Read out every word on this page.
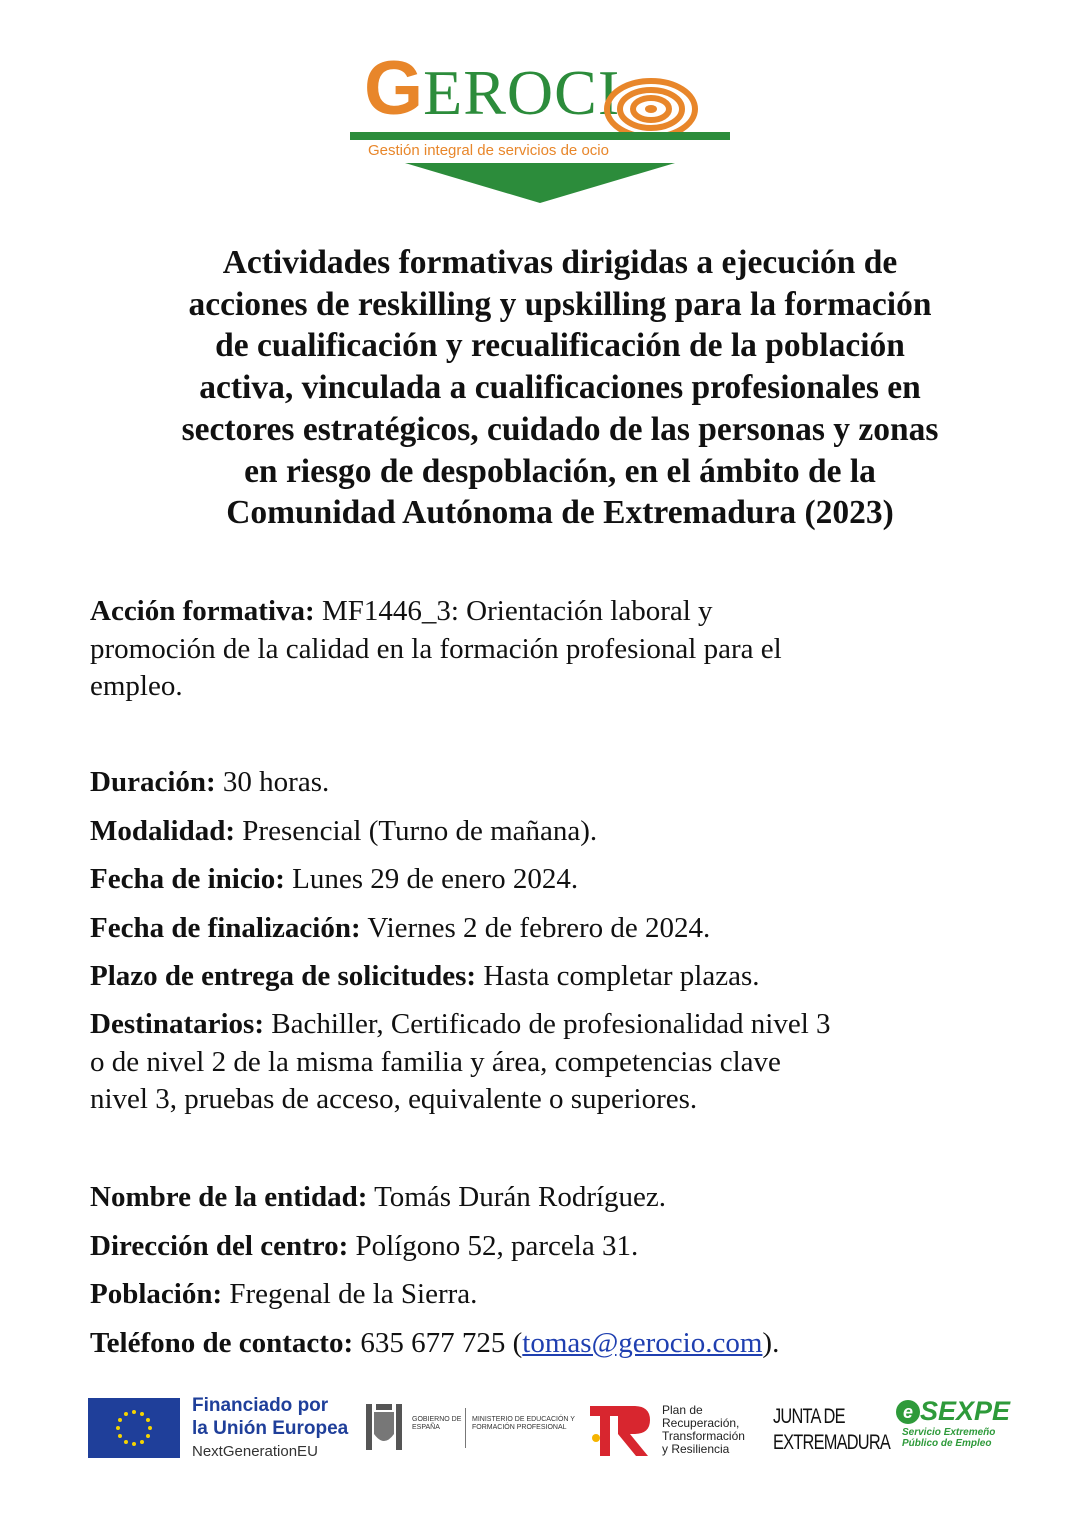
GEROCI
Gestión integral de servicios de ocio
Actividades formativas dirigidas a ejecución de
acciones de reskilling y upskilling para la formación
de cualificación y recualificación de la población
activa, vinculada a cualificaciones profesionales en
sectores estratégicos, cuidado de las personas y zonas
en riesgo de despoblación, en el ámbito de la
Comunidad Autónoma de Extremadura (2023)
Acción formativa: MF1446_3: Orientación laboral y
promoción de la calidad en la formación profesional para el
empleo.
Duración: 30 horas.
Modalidad: Presencial (Turno de mañana).
Fecha de inicio: Lunes 29 de enero 2024.
Fecha de finalización: Viernes 2 de febrero de 2024.
Plazo de entrega de solicitudes: Hasta completar plazas.
Destinatarios: Bachiller, Certificado de profesionalidad nivel 3
o de nivel 2 de la misma familia y área, competencias clave
nivel 3, pruebas de acceso, equivalente o superiores.
Nombre de la entidad: Tomás Durán Rodríguez.
Dirección del centro: Polígono 52, parcela 31.
Población: Fregenal de la Sierra.
Teléfono de contacto: 635 677 725 (tomas@gerocio.com).
Financiado por
la Unión Europea
NextGenerationEU
GOBIERNO DE ESPAÑA
MINISTERIO DE EDUCACIÓN Y FORMACIÓN PROFESIONAL
Plan de
Recuperación,
Transformación
y Resiliencia
JUNTA DE
EXTREMADURA
e SEXPE
Servicio Extremeño
Público de Empleo
